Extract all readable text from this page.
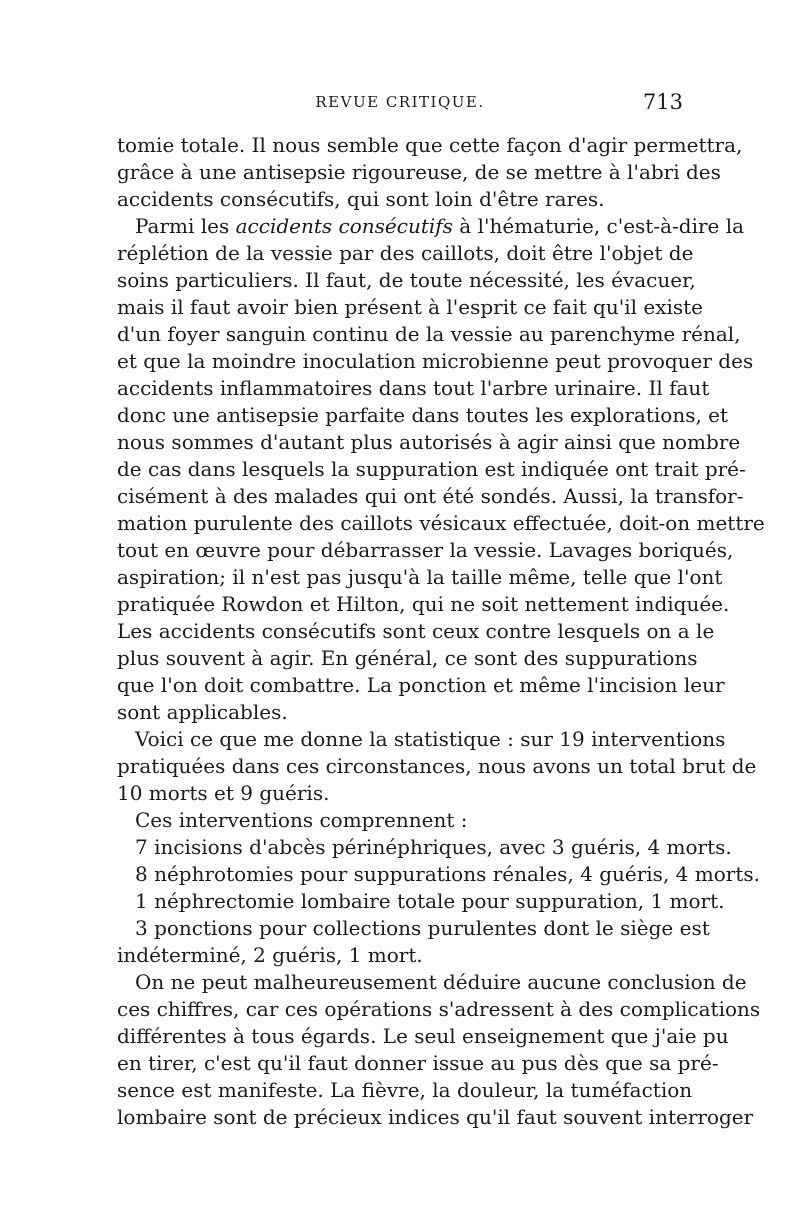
REVUE CRITIQUE.	713
tomie totale. Il nous semble que cette façon d'agir permettra,
grâce à une antisepsie rigoureuse, de se mettre à l'abri des
accidents consécutifs, qui sont loin d'être rares.
Parmi les accidents consécutifs à l'hématurie, c'est-à-dire la
réplétion de la vessie par des caillots, doit être l'objet de
soins particuliers. Il faut, de toute nécessité, les évacuer,
mais il faut avoir bien présent à l'esprit ce fait qu'il existe
d'un foyer sanguin continu de la vessie au parenchyme rénal,
et que la moindre inoculation microbienne peut provoquer des
accidents inflammatoires dans tout l'arbre urinaire. Il faut
donc une antisepsie parfaite dans toutes les explorations, et
nous sommes d'autant plus autorisés à agir ainsi que nombre
de cas dans lesquels la suppuration est indiquée ont trait pré-
cisément à des malades qui ont été sondés. Aussi, la transfor-
mation purulente des caillots vésicaux effectuée, doit-on mettre
tout en œuvre pour débarrasser la vessie. Lavages boriqués,
aspiration; il n'est pas jusqu'à la taille même, telle que l'ont
pratiquée Rowdon et Hilton, qui ne soit nettement indiquée.
Les accidents consécutifs sont ceux contre lesquels on a le
plus souvent à agir. En général, ce sont des suppurations
que l'on doit combattre. La ponction et même l'incision leur
sont applicables.
Voici ce que me donne la statistique : sur 19 interventions
pratiquées dans ces circonstances, nous avons un total brut de
10 morts et 9 guéris.
Ces interventions comprennent :
7 incisions d'abcès périnéphriques, avec 3 guéris, 4 morts.
8 néphrotomies pour suppurations rénales, 4 guéris, 4 morts.
1 néphrectomie lombaire totale pour suppuration, 1 mort.
3 ponctions pour collections purulentes dont le siège est
indéterminé, 2 guéris, 1 mort.
On ne peut malheureusement déduire aucune conclusion de
ces chiffres, car ces opérations s'adressent à des complications
différentes à tous égards. Le seul enseignement que j'aie pu
en tirer, c'est qu'il faut donner issue au pus dès que sa pré-
sence est manifeste. La fièvre, la douleur, la tuméfaction
lombaire sont de précieux indices qu'il faut souvent interroger
